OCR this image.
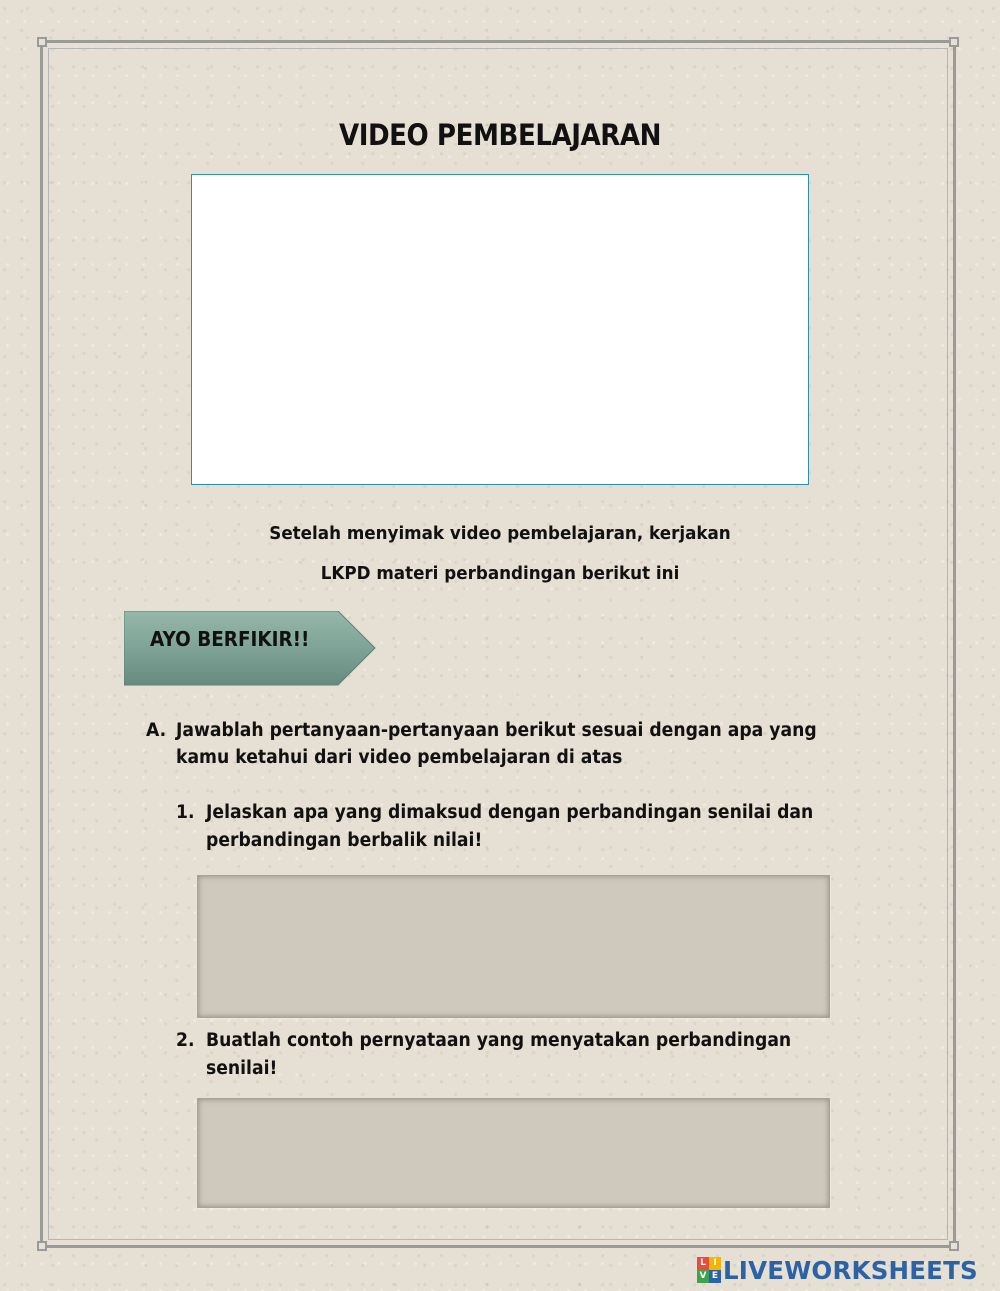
VIDEO PEMBELAJARAN
Setelah menyimak video pembelajaran, kerjakan
LKPD materi perbandingan berikut ini
AYO BERFIKIR!!
A. Jawablah pertanyaan-pertanyaan berikut sesuai dengan apa yang
kamu ketahui dari video pembelajaran di atas
1. Jelaskan apa yang dimaksud dengan perbandingan senilai dan
perbandingan berbalik nilai!
2. Buatlah contoh pernyataan yang menyatakan perbandingan
senilai!
L I
V E LIVEWORKSHEETS
